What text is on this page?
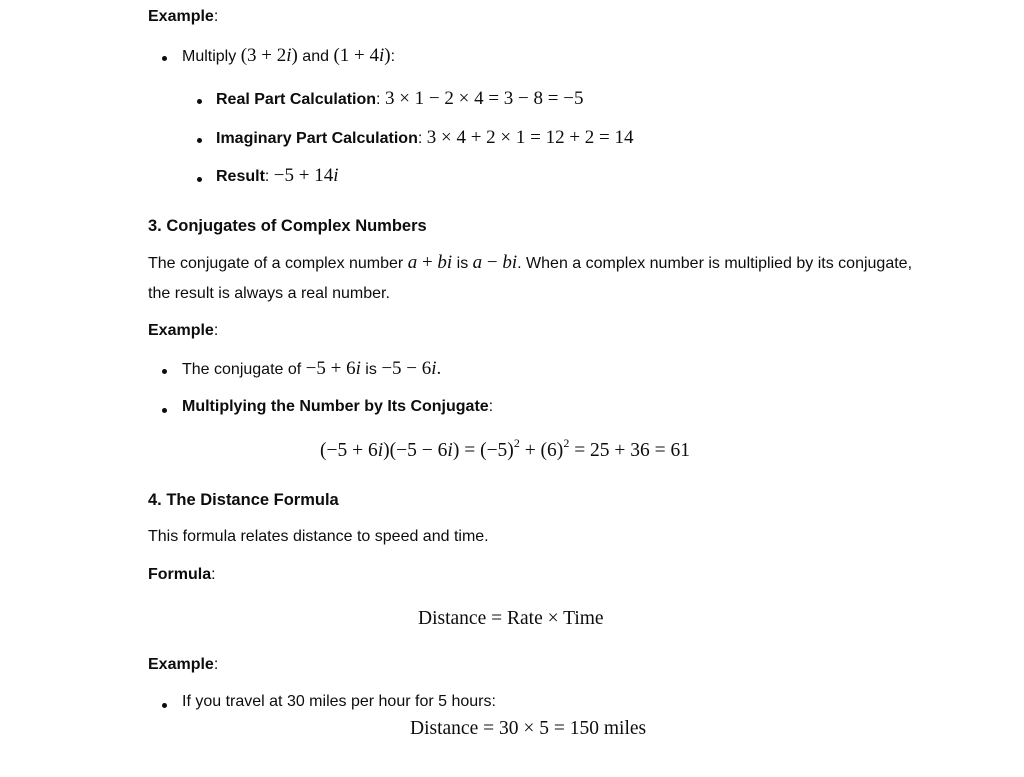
Example:
Multiply (3 + 2i) and (1 + 4i):
Real Part Calculation: 3 × 1 − 2 × 4 = 3 − 8 = −5
Imaginary Part Calculation: 3 × 4 + 2 × 1 = 12 + 2 = 14
Result: −5 + 14i
3. Conjugates of Complex Numbers
The conjugate of a complex number a + bi is a − bi. When a complex number is multiplied by its conjugate, the result is always a real number.
Example:
The conjugate of −5 + 6i is −5 − 6i.
Multiplying the Number by Its Conjugate:
$(-5 + 6i)(-5 - 6i) = (-5)^2 + (6)^2 = 25 + 36 = 61$
4. The Distance Formula
This formula relates distance to speed and time.
Formula:
Distance = Rate × Time
Example:
If you travel at 30 miles per hour for 5 hours:
Distance = 30 × 5 = 150 miles
